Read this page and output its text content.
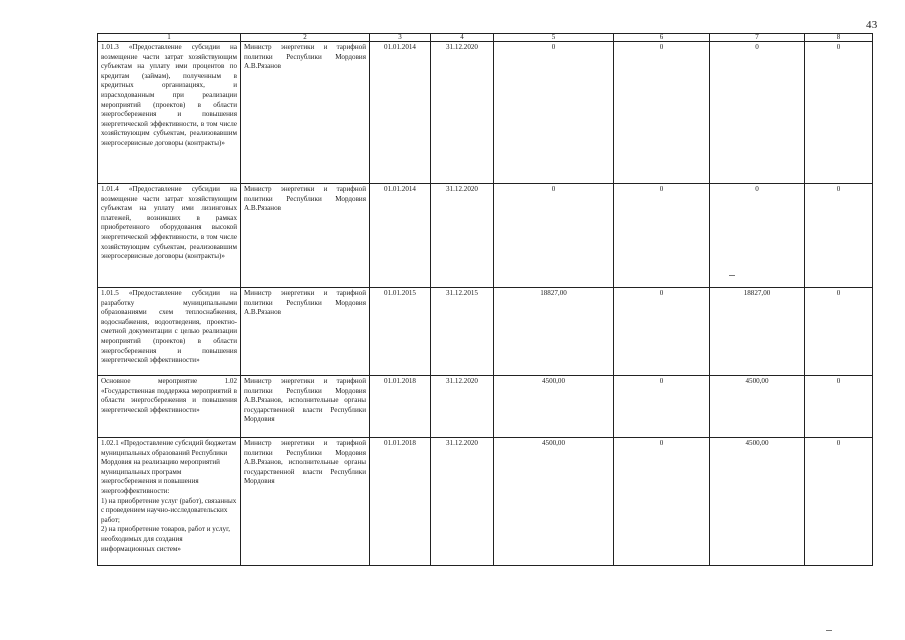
43
1	2	3	4	5	6	7	8
1.01.3 «Предоставление субсидии на возмещение части затрат хозяйствующим субъектам на уплату ими процентов по кредитам (займам), полученным в кредитных организациях, и израсходованным при реализации мероприятий (проектов) в области энергосбережения и повышения энергетической эффективности, в том числе хозяйствующим субъектам, реализовавшим энергосервисные договоры (контракты)»	Министр энергетики и тарифной политики Республики Мордовия А.В.Рязанов	01.01.2014	31.12.2020	0	0	0	0
1.01.4 «Предоставление субсидии на возмещение части затрат хозяйствующим субъектам на уплату ими лизинговых платежей, возникших в рамках приобретенного оборудования высокой энергетической эффективности, в том числе хозяйствующим субъектам, реализовавшим энергосервисные договоры (контракты)»	Министр энергетики и тарифной политики Республики Мордовия А.В.Рязанов	01.01.2014	31.12.2020	0	0	0	0
1.01.5 «Предоставление субсидии на разработку муниципальными образованиями схем теплоснабжения, водоснабжения, водоотведения, проектно-сметной документации с целью реализации мероприятий (проектов) в области энергосбережения и повышения энергетической эффективности»	Министр энергетики и тарифной политики Республики Мордовия А.В.Рязанов	01.01.2015	31.12.2015	18827,00	0	18827,00	0
Основное мероприятие 1.02 «Государственная поддержка мероприятий в области энергосбережения и повышения энергетической эффективности»	Министр энергетики и тарифной политики Республики Мордовия А.В.Рязанов, исполнительные органы государственной власти Республики Мордовия	01.01.2018	31.12.2020	4500,00	0	4500,00	0

1.02.1 «Предоставление субсидий бюджетам муниципальных образований Республики Мордовия на реализацию мероприятий муниципальных программ энергосбережения и повышения энергоэффективности:
1) на приобретение услуг (работ), связанных с проведением научно-исследовательских работ;
2) на приобретение товаров, работ и услуг, необходимых для создания информационных систем»	Министр энергетики и тарифной политики Республики Мордовия А.В.Рязанов, исполнительные органы государственной власти Республики Мордовия	01.01.2018	31.12.2020	4500,00	0	4500,00	0
